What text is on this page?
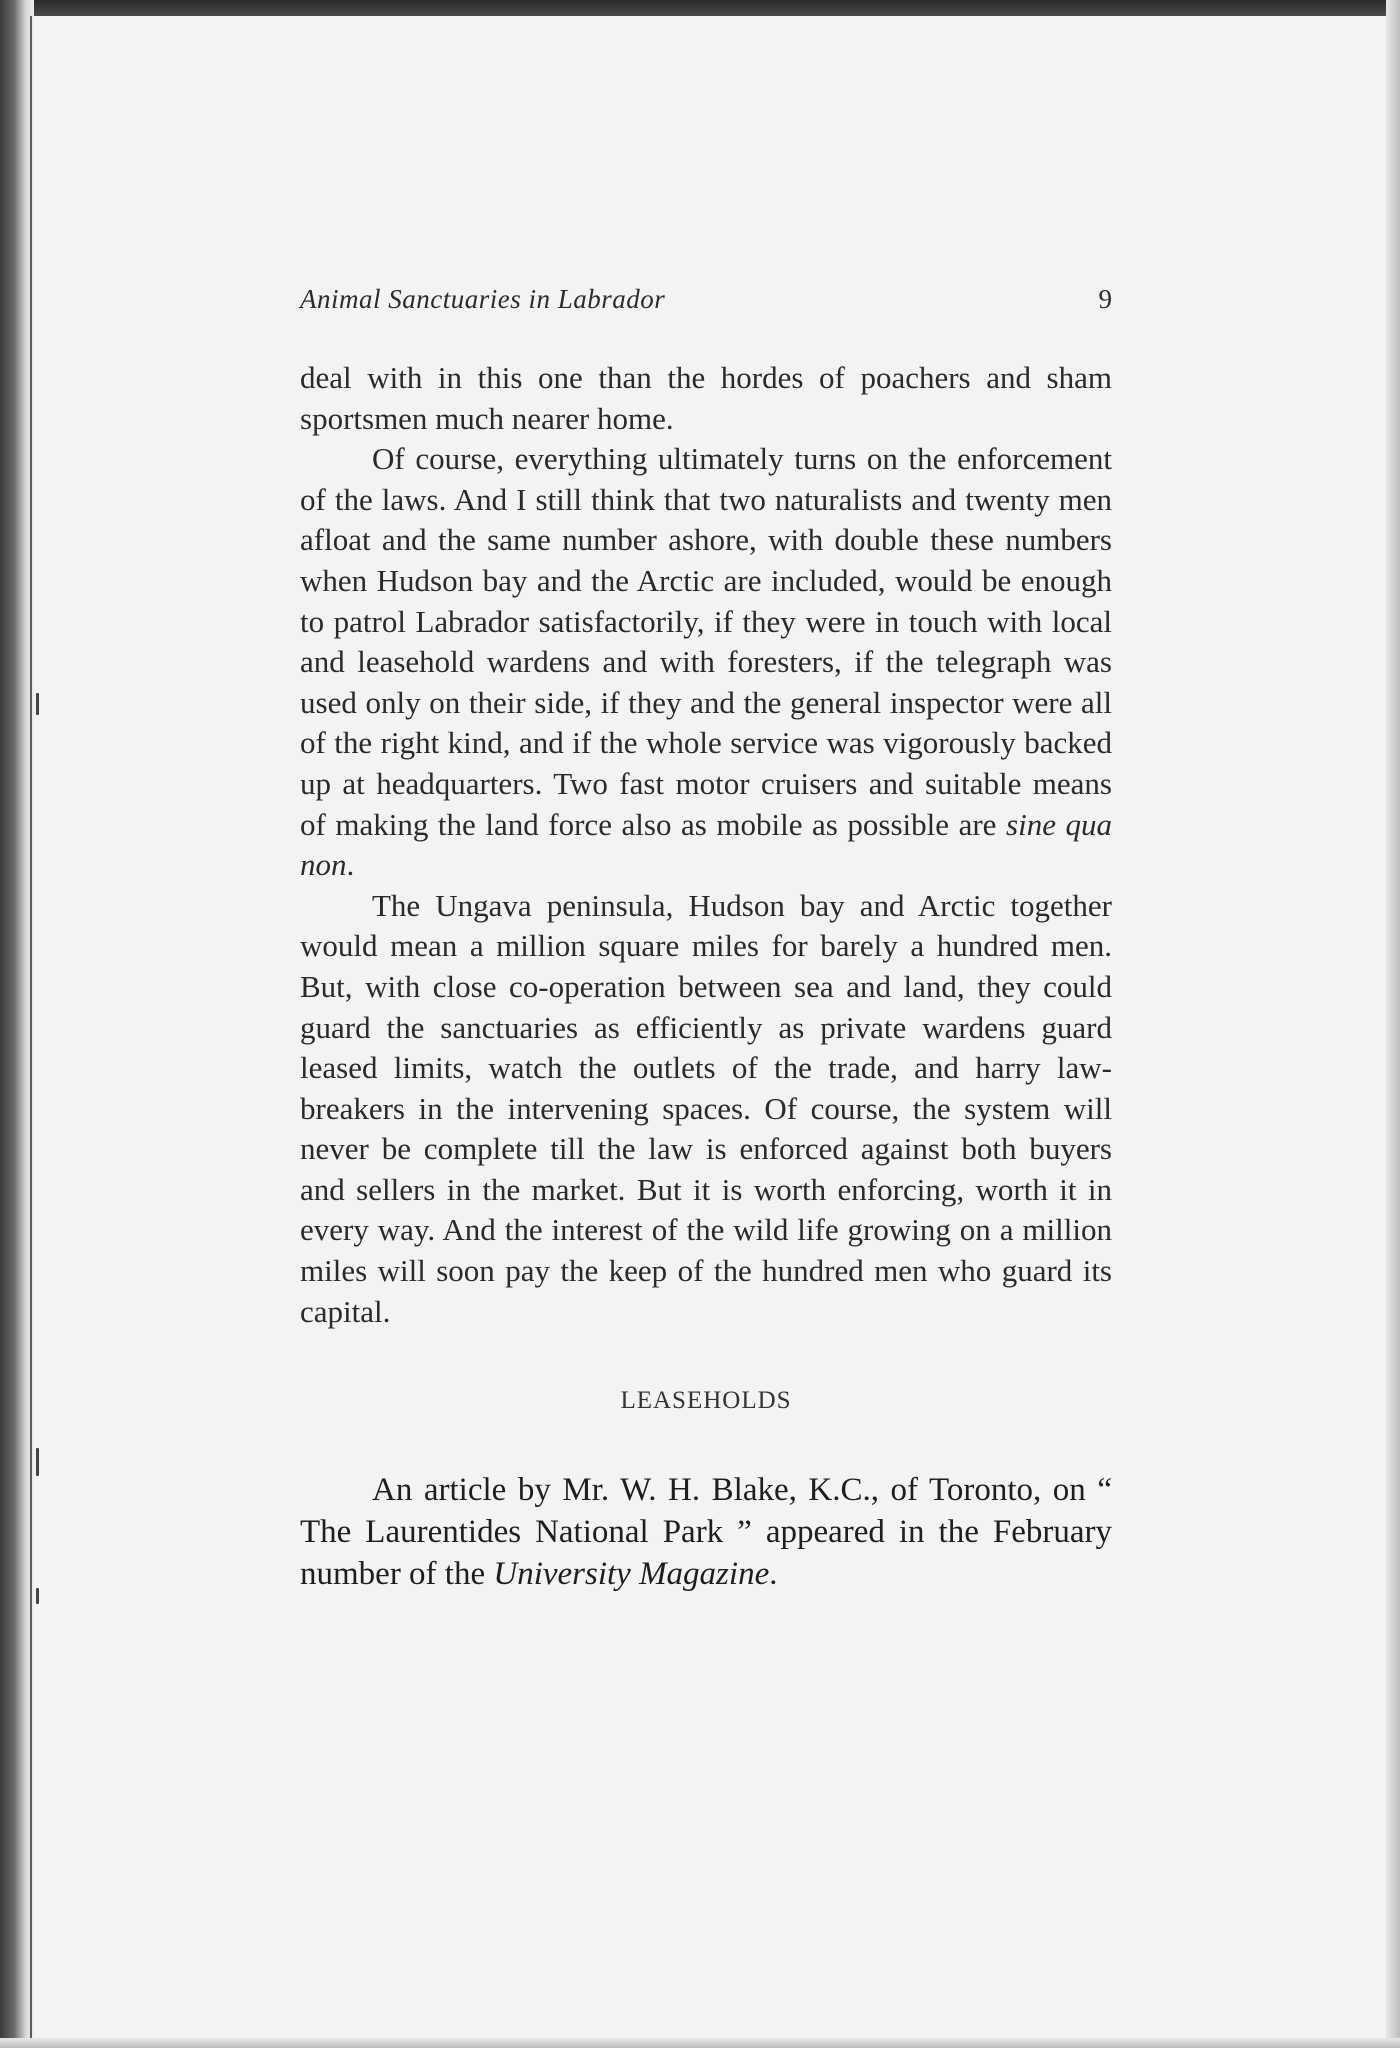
Animal Sanctuaries in Labrador	9

deal with in this one than the hordes of poachers and sham sportsmen much nearer home.

Of course, everything ultimately turns on the enforcement of the laws. And I still think that two naturalists and twenty men afloat and the same number ashore, with double these numbers when Hudson bay and the Arctic are included, would be enough to patrol Labrador satisfactorily, if they were in touch with local and leasehold wardens and with foresters, if the telegraph was used only on their side, if they and the general inspector were all of the right kind, and if the whole service was vigorously backed up at headquarters. Two fast motor cruisers and suitable means of making the land force also as mobile as possible are sine qua non.

The Ungava peninsula, Hudson bay and Arctic together would mean a million square miles for barely a hundred men. But, with close co-operation between sea and land, they could guard the sanctuaries as efficiently as private wardens guard leased limits, watch the outlets of the trade, and harry law-breakers in the intervening spaces. Of course, the system will never be complete till the law is enforced against both buyers and sellers in the market. But it is worth enforcing, worth it in every way. And the interest of the wild life growing on a million miles will soon pay the keep of the hundred men who guard its capital.

LEASEHOLDS

An article by Mr. W. H. Blake, K.C., of Toronto, on “ The Laurentides National Park ” appeared in the February number of the University Magazine.
